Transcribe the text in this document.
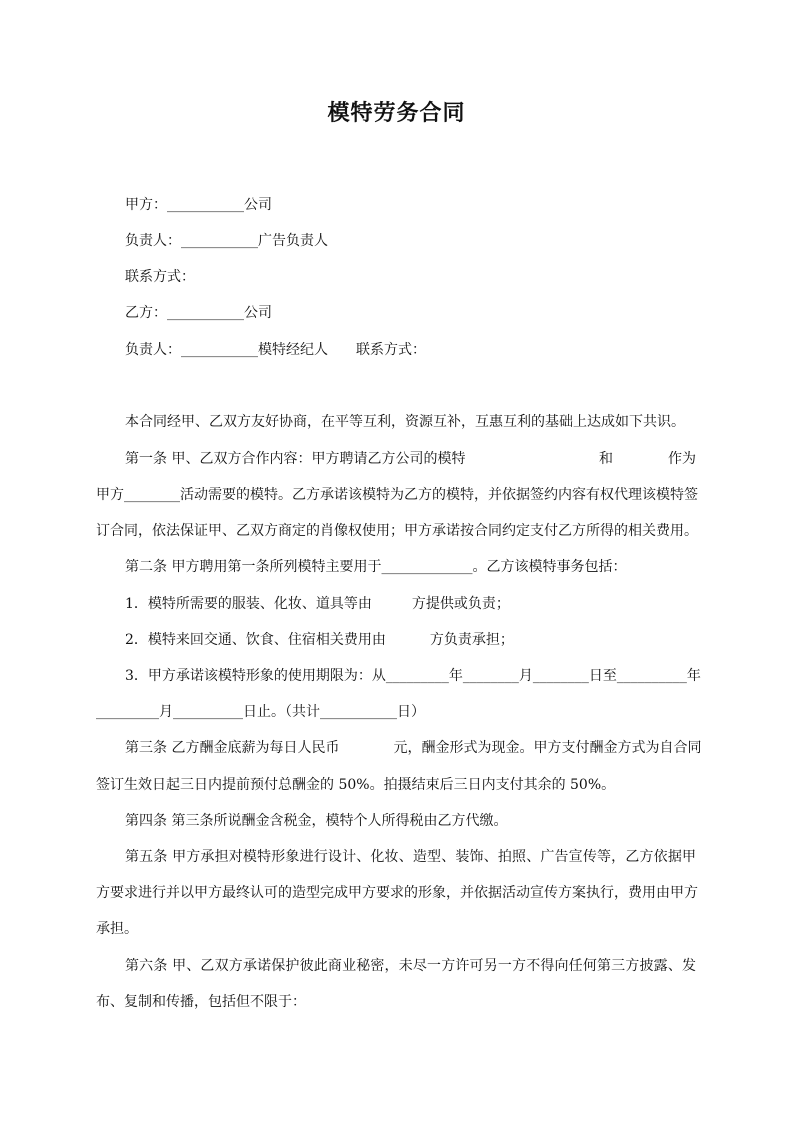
模特劳务合同
甲方：___________公司
负责人：___________广告负责人
联系方式：
乙方：___________公司
负责人：___________模特经纪人 联系方式：
本合同经甲、乙双方友好协商，在平等互利，资源互补，互惠互利的基础上达成如下共识。
第一条 甲、乙双方合作内容：甲方聘请乙方公司的模特	和	作为
甲方________活动需要的模特。乙方承诺该模特为乙方的模特，并依据签约内容有权代理该模特签
订合同，依法保证甲、乙双方商定的肖像权使用；甲方承诺按合同约定支付乙方所得的相关费用。
第二条 甲方聘用第一条所列模特主要用于_____________。乙方该模特事务包括：
1．模特所需要的服装、化妆、道具等由	方提供或负责；
2．模特来回交通、饮食、住宿相关费用由	方负责承担；
3．甲方承诺该模特形象的使用期限为：从_________年________月________日至__________年
_________月__________日止。（共计___________日）
第三条 乙方酬金底薪为每日人民币	元，酬金形式为现金。甲方支付酬金方式为自合同
签订生效日起三日内提前预付总酬金的 50%。拍摄结束后三日内支付其余的 50%。
第四条 第三条所说酬金含税金，模特个人所得税由乙方代缴。
第五条 甲方承担对模特形象进行设计、化妆、造型、装饰、拍照、广告宣传等，乙方依据甲
方要求进行并以甲方最终认可的造型完成甲方要求的形象，并依据活动宣传方案执行，费用由甲方
承担。
第六条 甲、乙双方承诺保护彼此商业秘密，未尽一方许可另一方不得向任何第三方披露、发
布、复制和传播，包括但不限于：
